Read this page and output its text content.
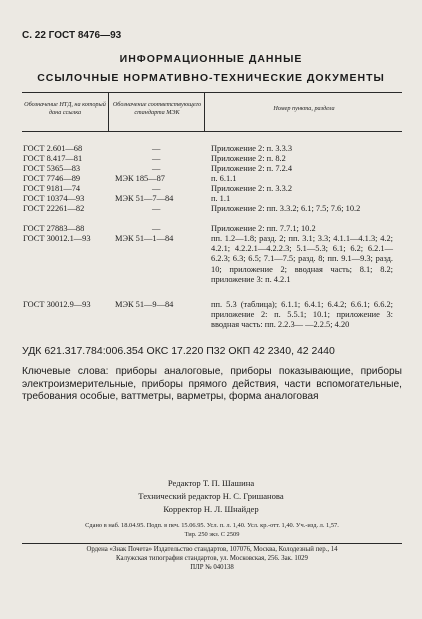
С. 22 ГОСТ 8476—93
ИНФОРМАЦИОННЫЕ ДАННЫЕ
ССЫЛОЧНЫЕ НОРМАТИВНО-ТЕХНИЧЕСКИЕ ДОКУМЕНТЫ
Обозначение НТД, на который дана ссылка
Обозначение соответствующего стандарта МЭК
Номер пункта, раздела
ГОСТ 2.601—68	—	Приложение 2: п. 3.3.3
ГОСТ 8.417—81	—	Приложение 2: п. 8.2
ГОСТ 5365—83	—	Приложение 2: п. 7.2.4
ГОСТ 7746—89	МЭК 185—87	п. 6.1.1
ГОСТ 9181—74	—	Приложение 2: п. 3.3.2
ГОСТ 10374—93	МЭК 51—7—84	п. 1.1
ГОСТ 22261—82	—	Приложение 2: пп. 3.3.2; 6.1; 7.5; 7.6; 10.2
ГОСТ 27883—88	—	Приложение 2: пп. 7.7.1; 10.2
ГОСТ 30012.1—93	МЭК 51—1—84	пп. 1.2—1.8; разд. 2; пп. 3.1; 3.3; 4.1.1—4.1.3; 4.2; 4.2.1; 4.2.2.1—4.2.2.3; 5.1—5.3; 6.1; 6.2; 6.2.1—6.2.3; 6.3; 6.5; 7.1—7.5; разд. 8; пп. 9.1—9.3; разд. 10; приложение 2; вводная часть; 8.1; 8.2; приложение 3: п. 4.2.1
ГОСТ 30012.9—93	МЭК 51—9—84	пп. 5.3 (таблица); 6.1.1; 6.4.1; 6.4.2; 6.6.1; 6.6.2; приложение 2: п. 5.5.1; 10.1; приложение 3: вводная часть: пп. 2.2.3— —2.2.5; 4.20
УДК 621.317.784:006.354 ОКС 17.220 П32 ОКП 42 2340, 42 2440
Ключевые слова: приборы аналоговые, приборы показывающие, приборы электроизмерительные, приборы прямого действия, части вспомогательные, требования особые, ваттметры, варметры, форма аналоговая
Редактор Т. П. Шашина
Технический редактор Н. С. Гришанова
Корректор Н. Л. Шнайдер
Сдано в наб. 18.04.95. Подп. в печ. 15.06.95. Усл. п. л. 1,40. Усл. кр.-отт. 1,40. Уч.-изд. л. 1,57.
Тир. 250 экз. С 2509
Ордена «Знак Почета» Издательство стандартов, 107076, Москва, Колодезный пер., 14
Калужская типография стандартов, ул. Московская, 256. Зак. 1029
ПЛР № 040138
